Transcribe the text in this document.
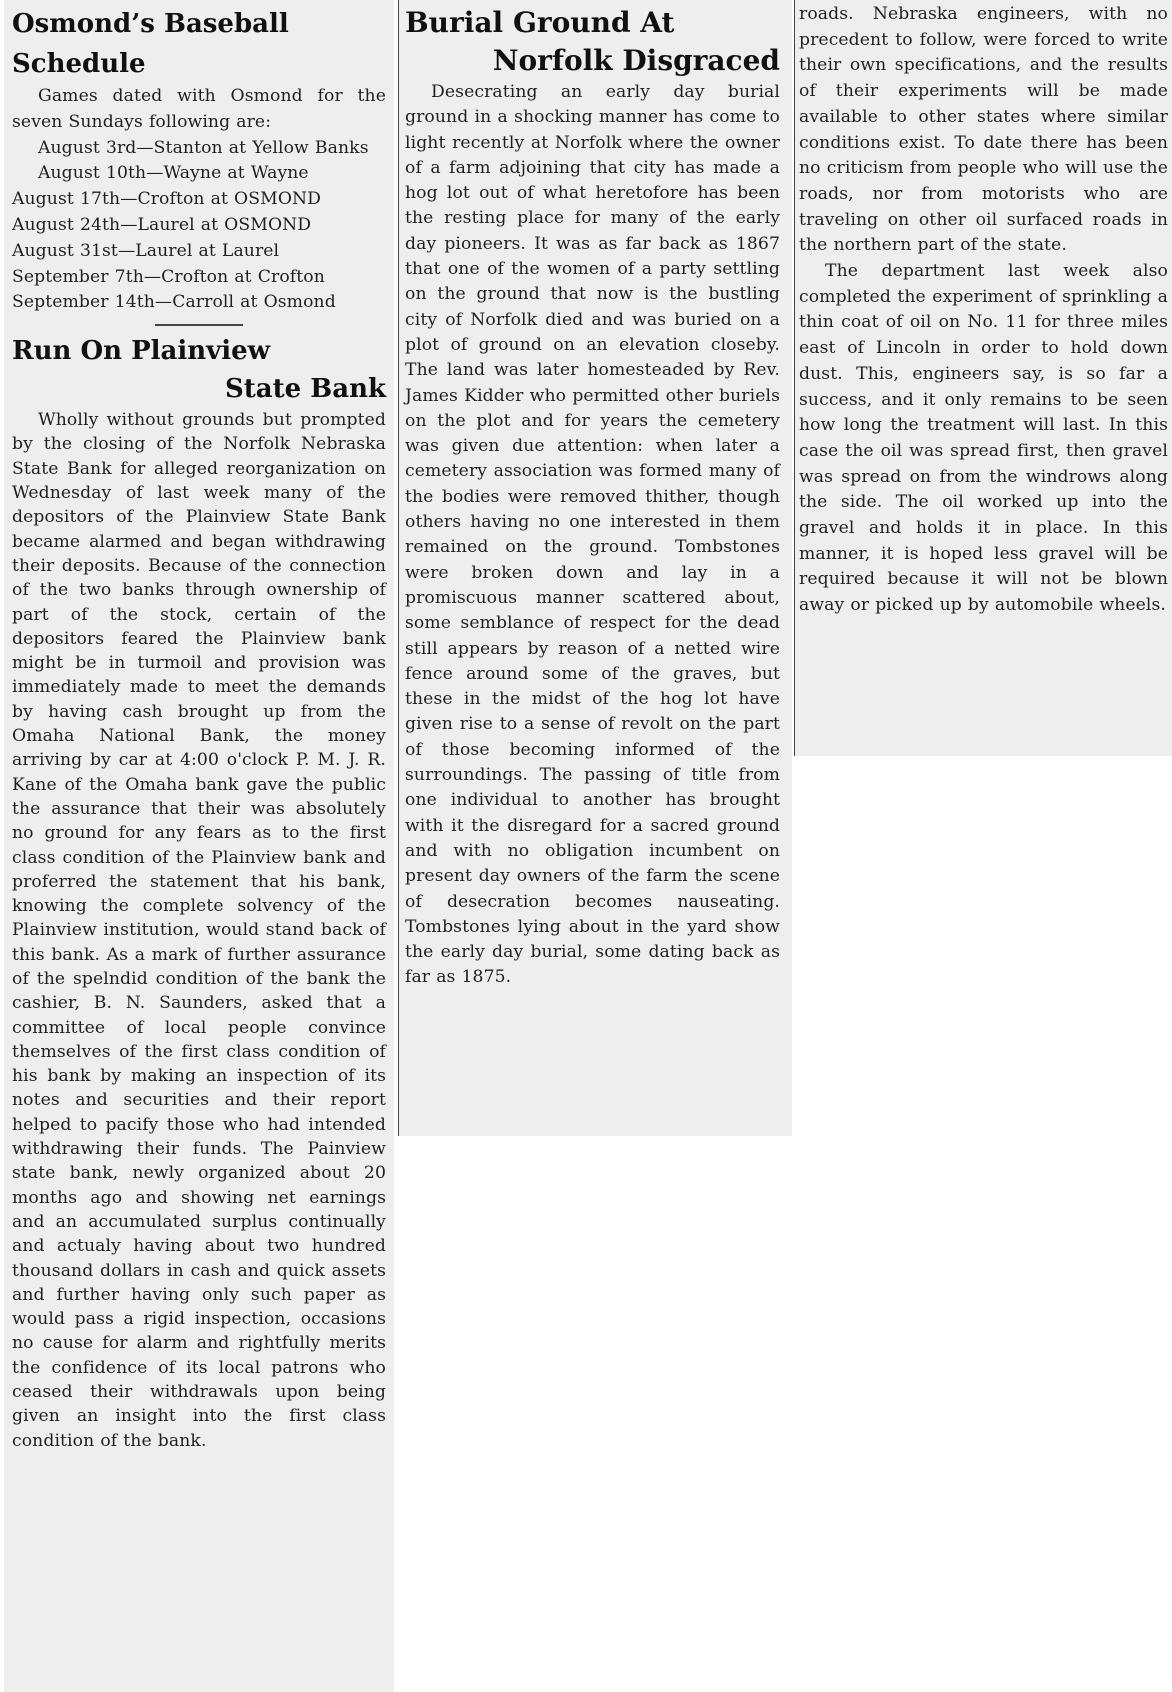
Osmond’s Baseball Schedule

Games dated with Osmond for the seven Sundays following are:

August 3rd—Stanton at Yellow Banks

August 10th—Wayne at Wayne

August 17th—Crofton at OSMOND

August 24th—Laurel at OSMOND

August 31st—Laurel at Laurel

September 7th—Crofton at Crofton

September 14th—Carroll at Osmond

Run On Plainview
State Bank

Wholly without grounds but prompted by the closing of the Norfolk Nebraska State Bank for alleged reorganization on Wednesday of last week many of the depositors of the Plainview State Bank became alarmed and began withdrawing their deposits. Because of the connection of the two banks through ownership of part of the stock, certain of the depositors feared the Plainview bank might be in turmoil and provision was immediately made to meet the demands by having cash brought up from the Omaha National Bank, the money arriving by car at 4:00 o'clock P. M. J. R. Kane of the Omaha bank gave the public the assurance that their was absolutely no ground for any fears as to the first class condition of the Plainview bank and proferred the statement that his bank, knowing the complete solvency of the Plainview institution, would stand back of this bank. As a mark of further assurance of the spelndid condition of the bank the cashier, B. N. Saunders, asked that a committee of local people convince themselves of the first class condition of his bank by making an inspection of its notes and securities and their report helped to pacify those who had intended withdrawing their funds. The Painview state bank, newly organized about 20 months ago and showing net earnings and an accumulated surplus continually and actualy having about two hundred thousand dollars in cash and quick assets and further having only such paper as would pass a rigid inspection, occasions no cause for alarm and rightfully merits the confidence of its local patrons who ceased their withdrawals upon being given an insight into the first class condition of the bank.

Burial Ground At
Norfolk Disgraced

Desecrating an early day burial ground in a shocking manner has come to light recently at Norfolk where the owner of a farm adjoining that city has made a hog lot out of what heretofore has been the resting place for many of the early day pioneers. It was as far back as 1867 that one of the women of a party settling on the ground that now is the bustling city of Norfolk died and was buried on a plot of ground on an elevation closeby. The land was later homesteaded by Rev. James Kidder who permitted other buriels on the plot and for years the cemetery was given due attention: when later a cemetery association was formed many of the bodies were removed thither, though others having no one interested in them remained on the ground. Tombstones were broken down and lay in a promiscuous manner scattered about, some semblance of respect for the dead still appears by reason of a netted wire fence around some of the graves, but these in the midst of the hog lot have given rise to a sense of revolt on the part of those becoming informed of the surroundings. The passing of title from one individual to another has brought with it the disregard for a sacred ground and with no obligation incumbent on present day owners of the farm the scene of desecration becomes nauseating. Tombstones lying about in the yard show the early day burial, some dating back as far as 1875.

roads. Nebraska engineers, with no precedent to follow, were forced to write their own specifications, and the results of their experiments will be made available to other states where similar conditions exist. To date there has been no criticism from people who will use the roads, nor from motorists who are traveling on other oil surfaced roads in the northern part of the state.

The department last week also completed the experiment of sprinkling a thin coat of oil on No. 11 for three miles east of Lincoln in order to hold down dust. This, engineers say, is so far a success, and it only remains to be seen how long the treatment will last. In this case the oil was spread first, then gravel was spread on from the windrows along the side. The oil worked up into the gravel and holds it in place. In this manner, it is hoped less gravel will be required because it will not be blown away or picked up by automobile wheels.
